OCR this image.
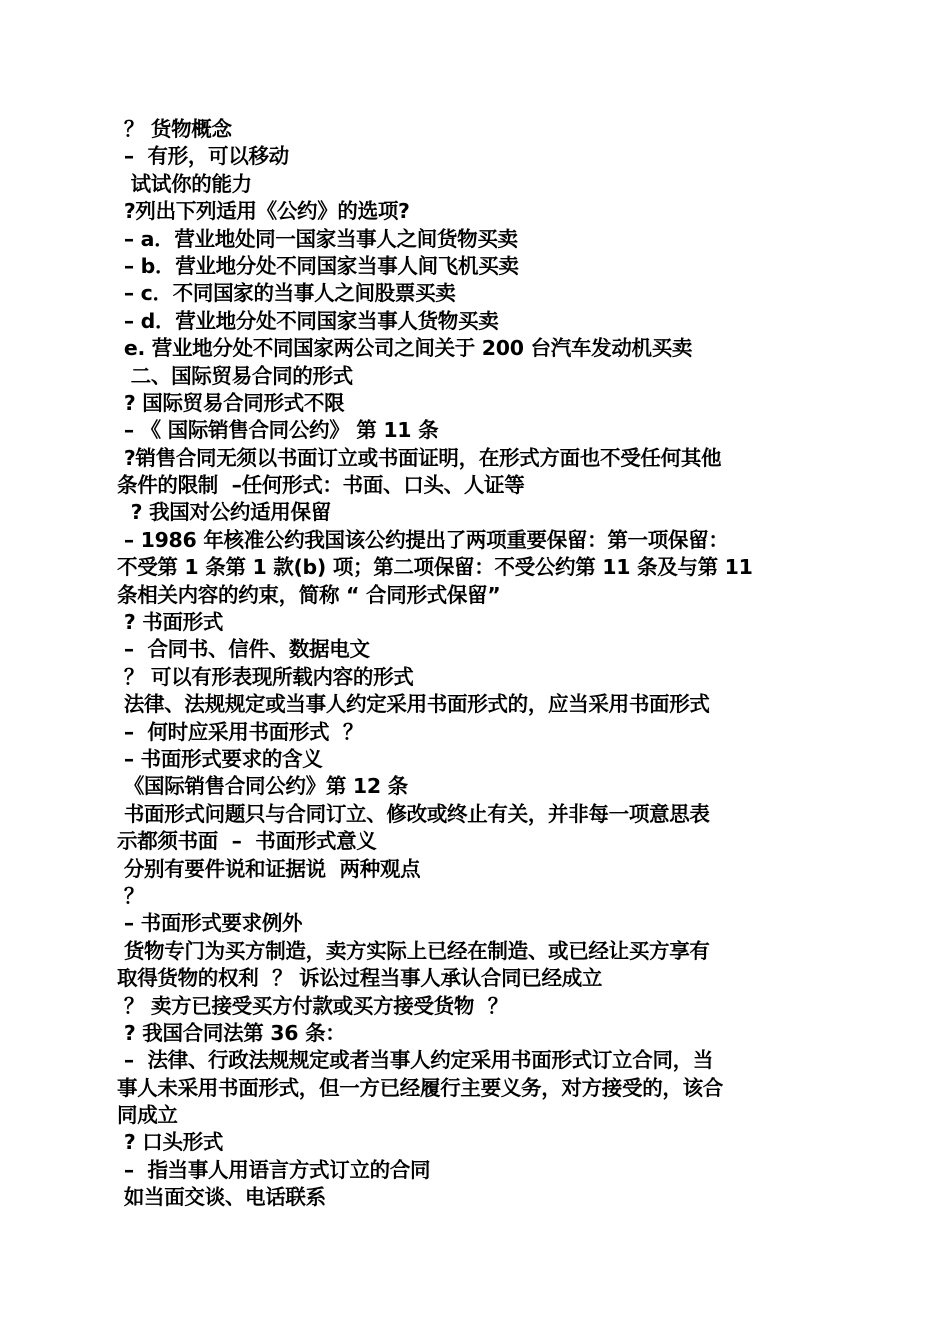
？ 货物概念
–  有形，可以移动
试试你的能力
?列出下列适用《公约》的选项?
– a．营业地处同一国家当事人之间货物买卖
– b．营业地分处不同国家当事人间飞机买卖
– c．不同国家的当事人之间股票买卖
– d．营业地分处不同国家当事人货物买卖
e. 营业地分处不同国家两公司之间关于 200 台汽车发动机买卖
二、国际贸易合同的形式
? 国际贸易合同形式不限
– 《 国际销售合同公约》 第 11 条
?销售合同无须以书面订立或书面证明，在形式方面也不受任何其他
条件的限制  –任何形式：书面、口头、人证等
? 我国对公约适用保留
– 1986 年核准公约我国该公约提出了两项重要保留：第一项保留：
不受第 1 条第 1 款(b) 项；第二项保留：不受公约第 11 条及与第 11
条相关内容的约束，简称 “ 合同形式保留”
? 书面形式
–  合同书、信件、数据电文
？ 可以有形表现所载内容的形式
法律、法规规定或当事人约定采用书面形式的，应当采用书面形式
–  何时应采用书面形式  ？
– 书面形式要求的含义
《国际销售合同公约》第 12 条
书面形式问题只与合同订立、修改或终止有关，并非每一项意思表
示都须书面  –  书面形式意义
分别有要件说和证据说  两种观点
？
– 书面形式要求例外
货物专门为买方制造，卖方实际上已经在制造、或已经让买方享有
取得货物的权利  ？ 诉讼过程当事人承认合同已经成立
？ 卖方已接受买方付款或买方接受货物  ？
? 我国合同法第 36 条：
–  法律、行政法规规定或者当事人约定采用书面形式订立合同，当
事人未采用书面形式，但一方已经履行主要义务，对方接受的，该合
同成立
? 口头形式
–  指当事人用语言方式订立的合同
如当面交谈、电话联系
